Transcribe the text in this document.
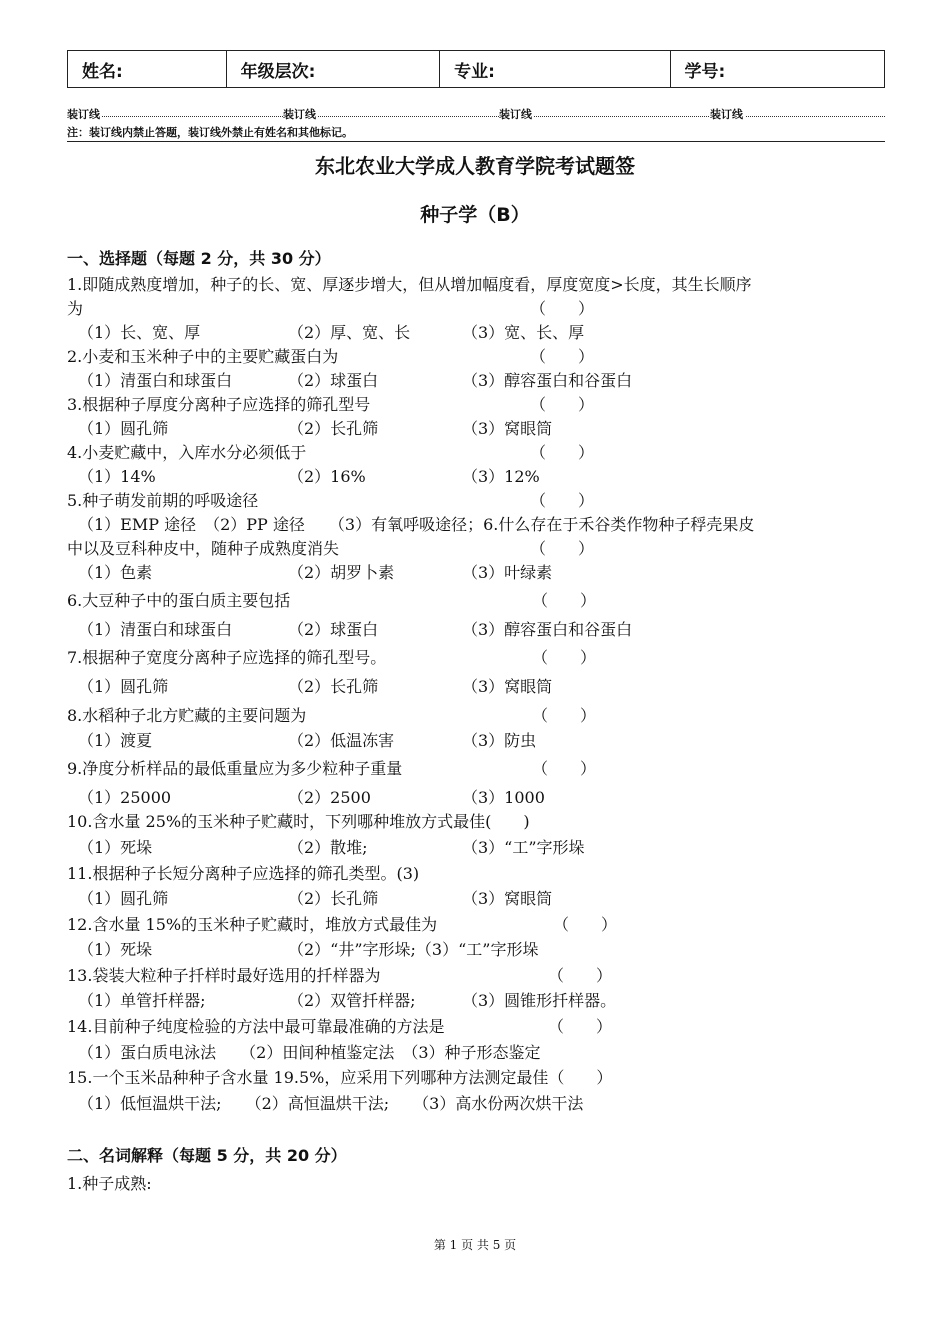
姓名:	年级层次:	专业:	学号:
装订线	装订线	装订线	装订线
注：装订线内禁止答题，装订线外禁止有姓名和其他标记。
东北农业大学成人教育学院考试题签
种子学（B）
一、选择题（每题 2 分，共 30 分）
1.即随成熟度增加，种子的长、宽、厚逐步增大，但从增加幅度看，厚度宽度>长度，其生长顺序
为	（　　）
（1）长、宽、厚	（2）厚、宽、长	（3）宽、长、厚
2.小麦和玉米种子中的主要贮藏蛋白为	（　　）
（1）清蛋白和球蛋白	（2）球蛋白	（3）醇容蛋白和谷蛋白
3.根据种子厚度分离种子应选择的筛孔型号	（　　）
（1）圆孔筛	（2）长孔筛	（3）窝眼筒
4.小麦贮藏中，入库水分必须低于	（　　）
（1）14%	（2）16%	（3）12%
5.种子萌发前期的呼吸途径	（　　）
（1）EMP 途径　（2）PP 途径　　（3）有氧呼吸途径；6.什么存在于禾谷类作物种子稃壳果皮
中以及豆科种皮中，随种子成熟度消失	（　　）
（1）色素	（2）胡罗卜素	（3）叶绿素
6.大豆种子中的蛋白质主要包括	（　　）
（1）清蛋白和球蛋白	（2）球蛋白	（3）醇容蛋白和谷蛋白
7.根据种子宽度分离种子应选择的筛孔型号。	（　　）
（1）圆孔筛	（2）长孔筛	（3）窝眼筒
8.水稻种子北方贮藏的主要问题为	（　　）
（1）渡夏	（2）低温冻害	（3）防虫
9.净度分析样品的最低重量应为多少粒种子重量	（　　）
（1）25000	（2）2500	（3）1000
10.含水量 25%的玉米种子贮藏时，下列哪种堆放方式最佳(　　)
（1）死垛	（2）散堆;	（3）“工”字形垛
11.根据种子长短分离种子应选择的筛孔类型。(3)
（1）圆孔筛	（2）长孔筛	（3）窝眼筒
12.含水量 15%的玉米种子贮藏时，堆放方式最佳为	（　　）
（1）死垛	（2）“井”字形垛;（3）“工”字形垛
13.袋装大粒种子扦样时最好选用的扦样器为	（　　）
（1）单管扦样器;	（2）双管扦样器;	（3）圆锥形扦样器。
14.目前种子纯度检验的方法中最可靠最准确的方法是	（　　）
（1）蛋白质电泳法　　（2）田间种植鉴定法　（3）种子形态鉴定
15.一个玉米品种种子含水量 19.5%，应采用下列哪种方法测定最佳（　　）
（1）低恒温烘干法;　　（2）高恒温烘干法;　　（3）高水份两次烘干法
二、名词解释（每题 5 分，共 20 分）
1.种子成熟:
第 1 页 共 5 页
